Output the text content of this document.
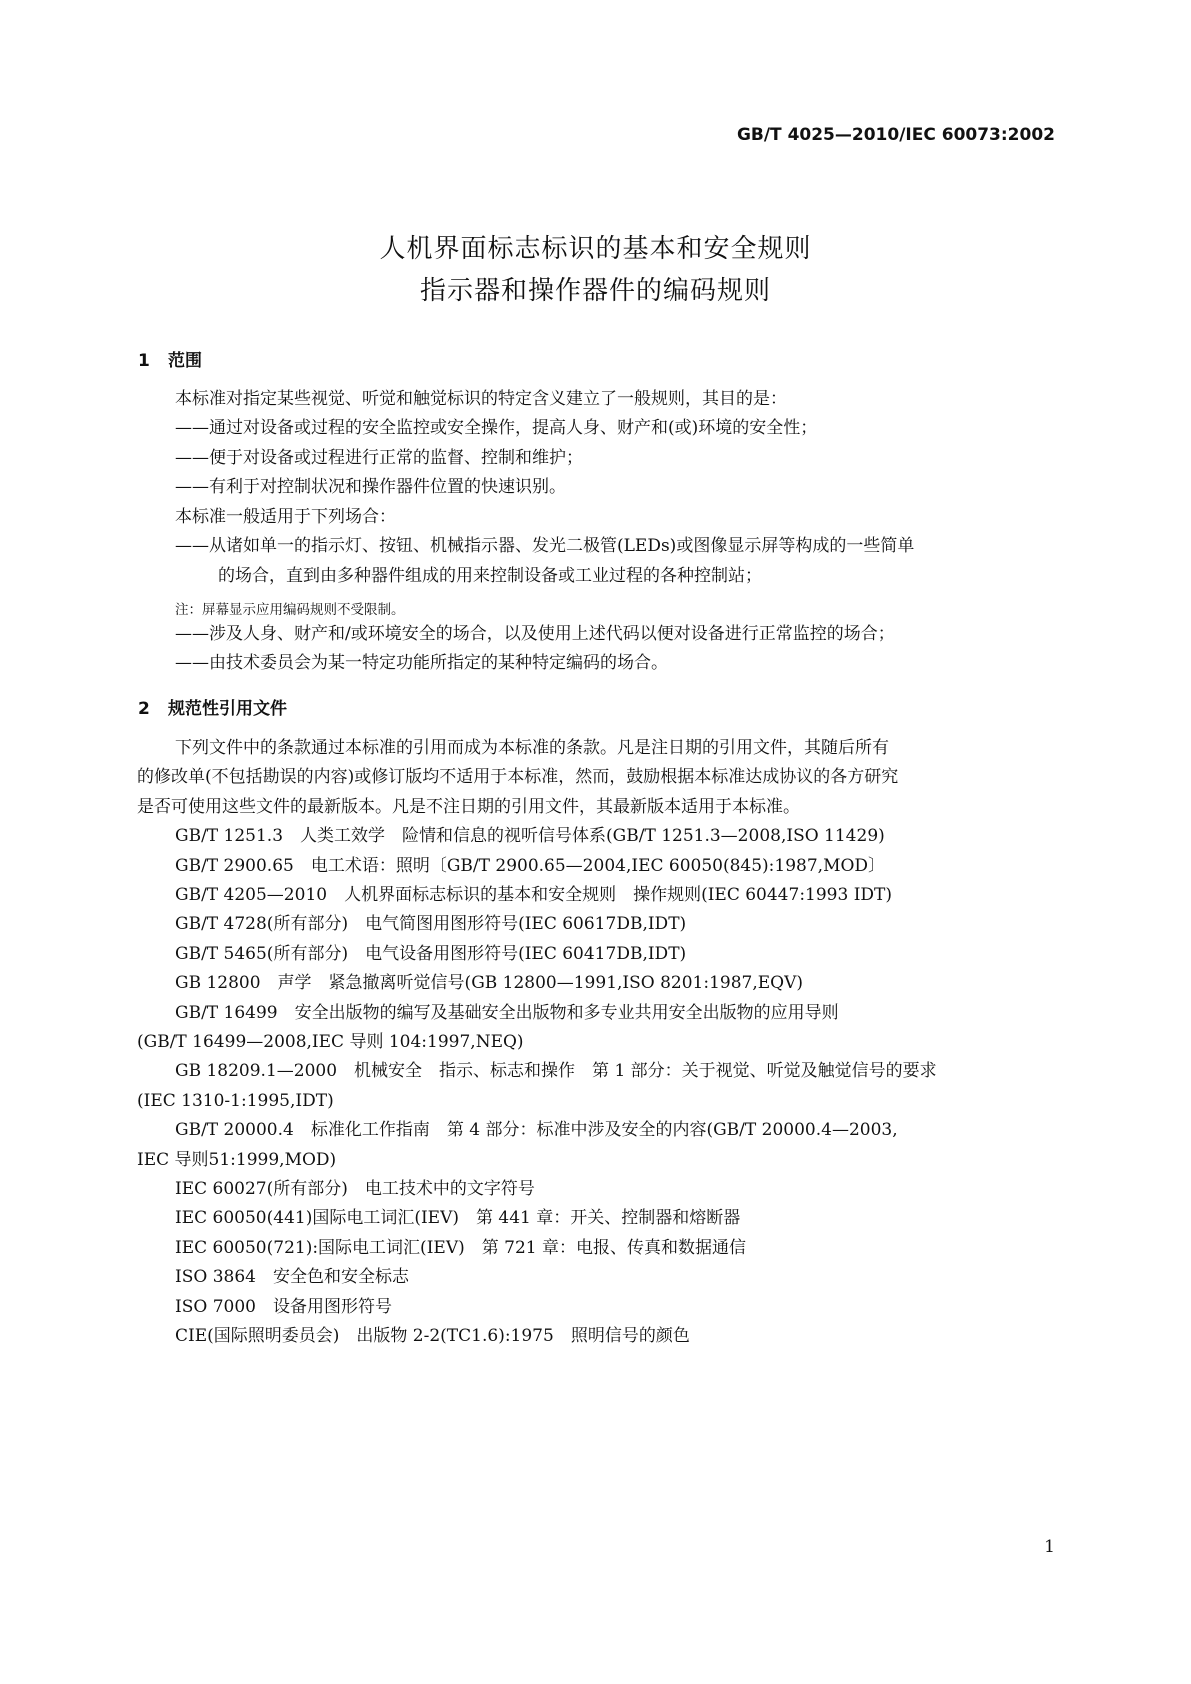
GB/T 4025—2010/IEC 60073:2002
人机界面标志标识的基本和安全规则
指示器和操作器件的编码规则
1 范围
本标准对指定某些视觉、听觉和触觉标识的特定含义建立了一般规则，其目的是：
——通过对设备或过程的安全监控或安全操作，提高人身、财产和(或)环境的安全性；
——便于对设备或过程进行正常的监督、控制和维护；
——有利于对控制状况和操作器件位置的快速识别。
本标准一般适用于下列场合：
——从诸如单一的指示灯、按钮、机械指示器、发光二极管(LEDs)或图像显示屏等构成的一些简单
的场合，直到由多种器件组成的用来控制设备或工业过程的各种控制站；
注：屏幕显示应用编码规则不受限制。
——涉及人身、财产和/或环境安全的场合，以及使用上述代码以便对设备进行正常监控的场合；
——由技术委员会为某一特定功能所指定的某种特定编码的场合。
2 规范性引用文件
下列文件中的条款通过本标准的引用而成为本标准的条款。凡是注日期的引用文件，其随后所有
的修改单(不包括勘误的内容)或修订版均不适用于本标准，然而，鼓励根据本标准达成协议的各方研究
是否可使用这些文件的最新版本。凡是不注日期的引用文件，其最新版本适用于本标准。
GB/T 1251.3　人类工效学　险情和信息的视听信号体系(GB/T 1251.3—2008,ISO 11429)
GB/T 2900.65　电工术语：照明〔GB/T 2900.65—2004,IEC 60050(845):1987,MOD〕
GB/T 4205—2010　人机界面标志标识的基本和安全规则　操作规则(IEC 60447:1993 IDT)
GB/T 4728(所有部分)　电气简图用图形符号(IEC 60617DB,IDT)
GB/T 5465(所有部分)　电气设备用图形符号(IEC 60417DB,IDT)
GB 12800　声学　紧急撤离听觉信号(GB 12800—1991,ISO 8201:1987,EQV)
GB/T 16499　安全出版物的编写及基础安全出版物和多专业共用安全出版物的应用导则
(GB/T 16499—2008,IEC 导则 104:1997,NEQ)
GB 18209.1—2000　机械安全　指示、标志和操作　第 1 部分：关于视觉、听觉及触觉信号的要求
(IEC 1310-1:1995,IDT)
GB/T 20000.4　标准化工作指南　第 4 部分：标准中涉及安全的内容(GB/T 20000.4—2003,
IEC 导则51:1999,MOD)
IEC 60027(所有部分)　电工技术中的文字符号
IEC 60050(441)国际电工词汇(IEV)　第 441 章：开关、控制器和熔断器
IEC 60050(721):国际电工词汇(IEV)　第 721 章：电报、传真和数据通信
ISO 3864　安全色和安全标志
ISO 7000　设备用图形符号
CIE(国际照明委员会)　出版物 2-2(TC1.6):1975　照明信号的颜色
1
